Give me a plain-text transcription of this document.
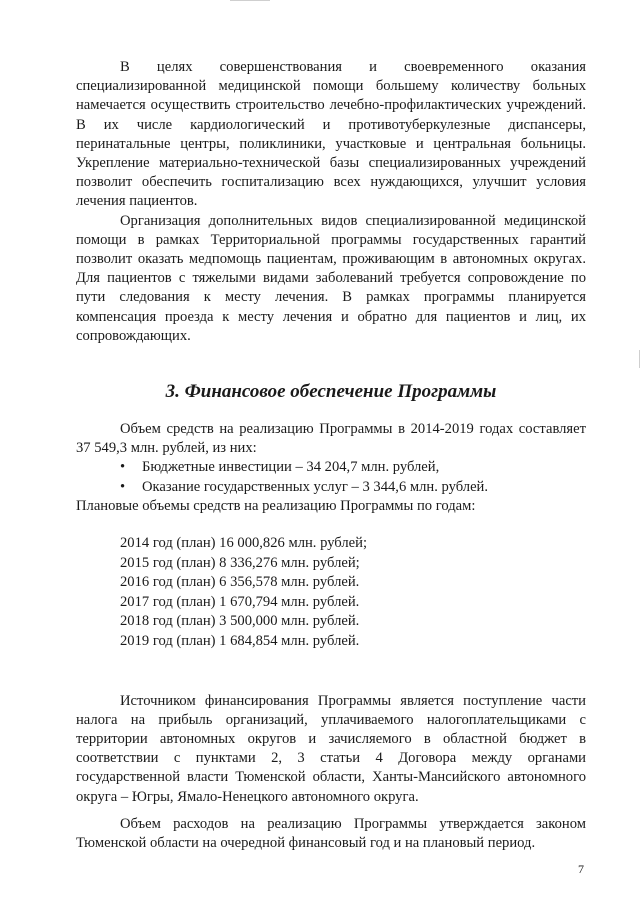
В целях совершенствования и своевременного оказания специализированной медицинской помощи большему количеству больных намечается осуществить строительство лечебно-профилактических учреждений. В их числе кардиологический и противотуберкулезные диспансеры, перинатальные центры, поликлиники, участковые и центральная больницы. Укрепление материально-технической базы специализированных учреждений позволит обеспечить госпитализацию всех нуждающихся, улучшит условия лечения пациентов.

Организация дополнительных видов специализированной медицинской помощи в рамках Территориальной программы государственных гарантий позволит оказать медпомощь пациентам, проживающим в автономных округах. Для пациентов с тяжелыми видами заболеваний требуется сопровождение по пути следования к месту лечения. В рамках программы планируется компенсация проезда к месту лечения и обратно для пациентов и лиц, их сопровождающих.

3. Финансовое обеспечение Программы

Объем средств на реализацию Программы в 2014-2019 годах составляет 37 549,3 млн. рублей, из них:

• Бюджетные инвестиции – 34 204,7 млн. рублей,
• Оказание государственных услуг – 3 344,6 млн. рублей.

Плановые объемы средств на реализацию Программы по годам:

2014 год (план) 16 000,826 млн. рублей;
2015 год (план) 8 336,276 млн. рублей;
2016 год (план) 6 356,578 млн. рублей.
2017 год (план) 1 670,794 млн. рублей.
2018 год (план) 3 500,000 млн. рублей.
2019 год (план) 1 684,854 млн. рублей.

Источником финансирования Программы является поступление части налога на прибыль организаций, уплачиваемого налогоплательщиками с территории автономных округов и зачисляемого в областной бюджет в соответствии с пунктами 2, 3 статьи 4 Договора между органами государственной власти Тюменской области, Ханты-Мансийского автономного округа – Югры, Ямало-Ненецкого автономного округа.

Объем расходов на реализацию Программы утверждается законом Тюменской области на очередной финансовый год и на плановый период.

7
